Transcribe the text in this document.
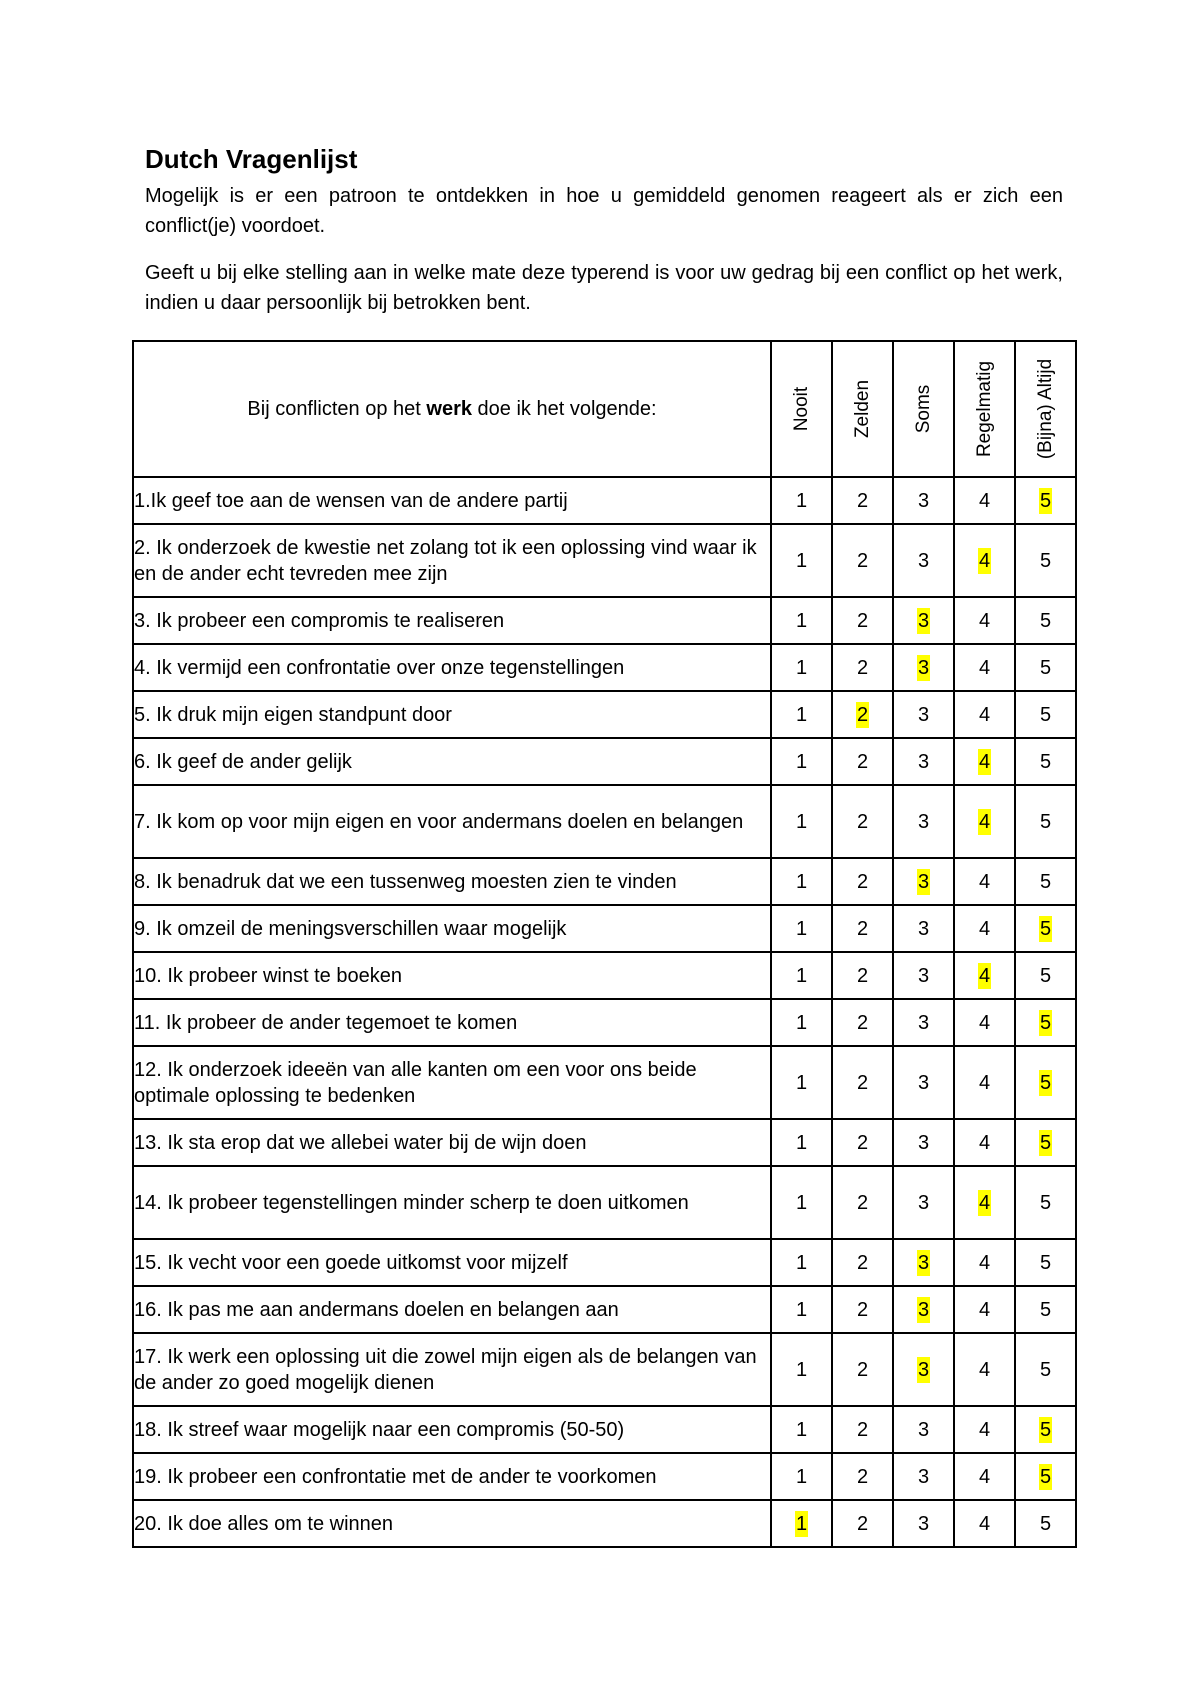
Dutch Vragenlijst

Mogelijk is er een patroon te ontdekken in hoe u gemiddeld genomen reageert als er zich een conflict(je) voordoet.

Geeft u bij elke stelling aan in welke mate deze typerend is voor uw gedrag bij een conflict op het werk, indien u daar persoonlijk bij betrokken bent.

Bij conflicten op het werk doe ik het volgende:	Nooit	Zelden	Soms	Regelmatig	(Bijna) Altijd

1.Ik geef toe aan de wensen van de andere partij	1	2	3	4	5
2. Ik onderzoek de kwestie net zolang tot ik een oplossing vind waar ik en de ander echt tevreden mee zijn	1	2	3	4	5
3. Ik probeer een compromis te realiseren	1	2	3	4	5
4. Ik vermijd een confrontatie over onze tegenstellingen	1	2	3	4	5
5. Ik druk mijn eigen standpunt door	1	2	3	4	5
6. Ik geef de ander gelijk	1	2	3	4	5
7. Ik kom op voor mijn eigen en voor andermans doelen en belangen	1	2	3	4	5
8. Ik benadruk dat we een tussenweg moesten zien te vinden	1	2	3	4	5
9. Ik omzeil de meningsverschillen waar mogelijk	1	2	3	4	5
10. Ik probeer winst te boeken	1	2	3	4	5
11. Ik probeer de ander tegemoet te komen	1	2	3	4	5
12. Ik onderzoek ideeën van alle kanten om een voor ons beide optimale oplossing te bedenken	1	2	3	4	5
13. Ik sta erop dat we allebei water bij de wijn doen	1	2	3	4	5
14. Ik probeer tegenstellingen minder scherp te doen uitkomen	1	2	3	4	5
15. Ik vecht voor een goede uitkomst voor mijzelf	1	2	3	4	5
16. Ik pas me aan andermans doelen en belangen aan	1	2	3	4	5
17. Ik werk een oplossing uit die zowel mijn eigen als de belangen van de ander zo goed mogelijk dienen	1	2	3	4	5
18. Ik streef waar mogelijk naar een compromis (50-50)	1	2	3	4	5
19. Ik probeer een confrontatie met de ander te voorkomen	1	2	3	4	5
20. Ik doe alles om te winnen	1	2	3	4	5
